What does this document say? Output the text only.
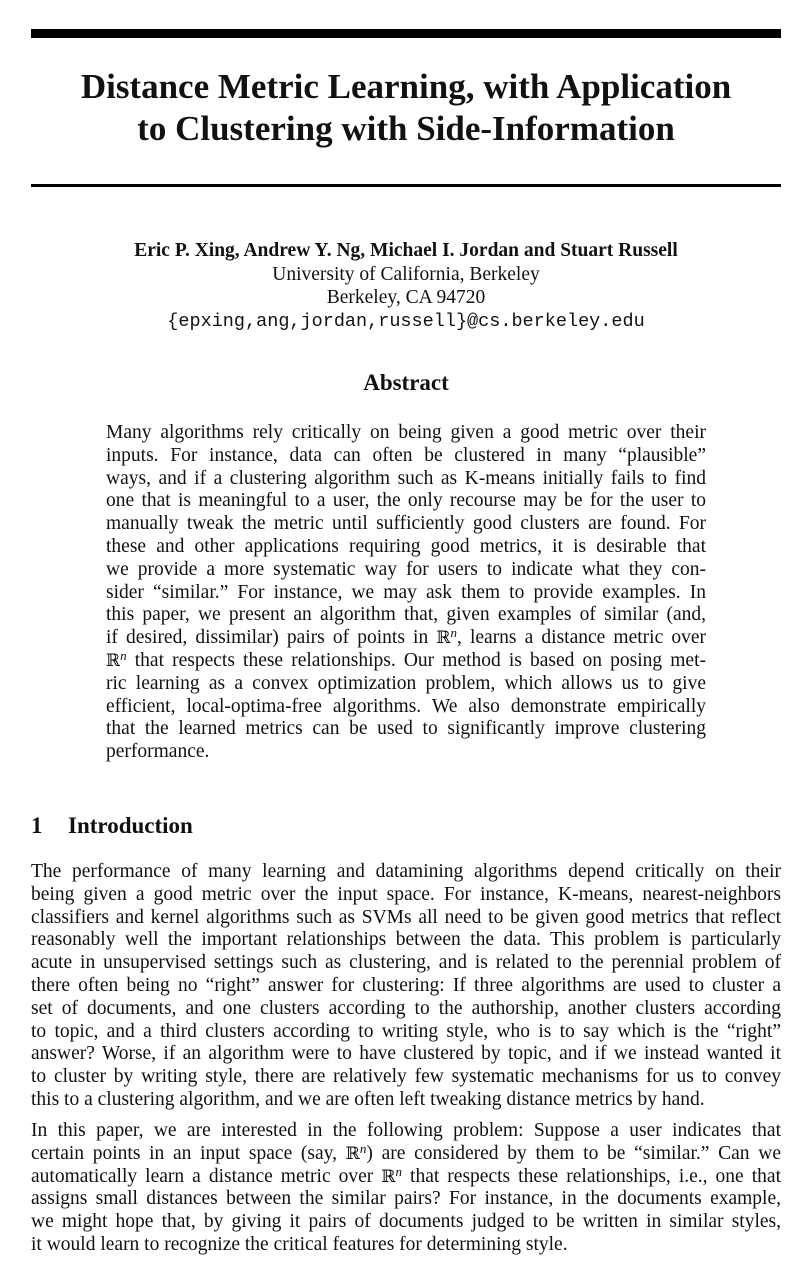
Distance Metric Learning, with Application
to Clustering with Side-Information
Eric P. Xing, Andrew Y. Ng, Michael I. Jordan and Stuart Russell
University of California, Berkeley
Berkeley, CA 94720
{epxing,ang,jordan,russell}@cs.berkeley.edu
Abstract
Many algorithms rely critically on being given a good metric over their
inputs. For instance, data can often be clustered in many “plausible”
ways, and if a clustering algorithm such as K-means initially fails to find
one that is meaningful to a user, the only recourse may be for the user to
manually tweak the metric until sufficiently good clusters are found. For
these and other applications requiring good metrics, it is desirable that
we provide a more systematic way for users to indicate what they con-
sider “similar.” For instance, we may ask them to provide examples. In
this paper, we present an algorithm that, given examples of similar (and,
if desired, dissimilar) pairs of points in ℝ$^n$, learns a distance metric over
ℝ$^n$ that respects these relationships. Our method is based on posing met-
ric learning as a convex optimization problem, which allows us to give
efficient, local-optima-free algorithms. We also demonstrate empirically
that the learned metrics can be used to significantly improve clustering
performance.
1 Introduction
The performance of many learning and datamining algorithms depend critically on their
being given a good metric over the input space. For instance, K-means, nearest-neighbors
classifiers and kernel algorithms such as SVMs all need to be given good metrics that reflect
reasonably well the important relationships between the data. This problem is particularly
acute in unsupervised settings such as clustering, and is related to the perennial problem of
there often being no “right” answer for clustering: If three algorithms are used to cluster a
set of documents, and one clusters according to the authorship, another clusters according
to topic, and a third clusters according to writing style, who is to say which is the “right”
answer? Worse, if an algorithm were to have clustered by topic, and if we instead wanted it
to cluster by writing style, there are relatively few systematic mechanisms for us to convey
this to a clustering algorithm, and we are often left tweaking distance metrics by hand.
In this paper, we are interested in the following problem: Suppose a user indicates that
certain points in an input space (say, ℝ$^n$) are considered by them to be “similar.” Can we
automatically learn a distance metric over ℝ$^n$ that respects these relationships, i.e., one that
assigns small distances between the similar pairs? For instance, in the documents example,
we might hope that, by giving it pairs of documents judged to be written in similar styles,
it would learn to recognize the critical features for determining style.
